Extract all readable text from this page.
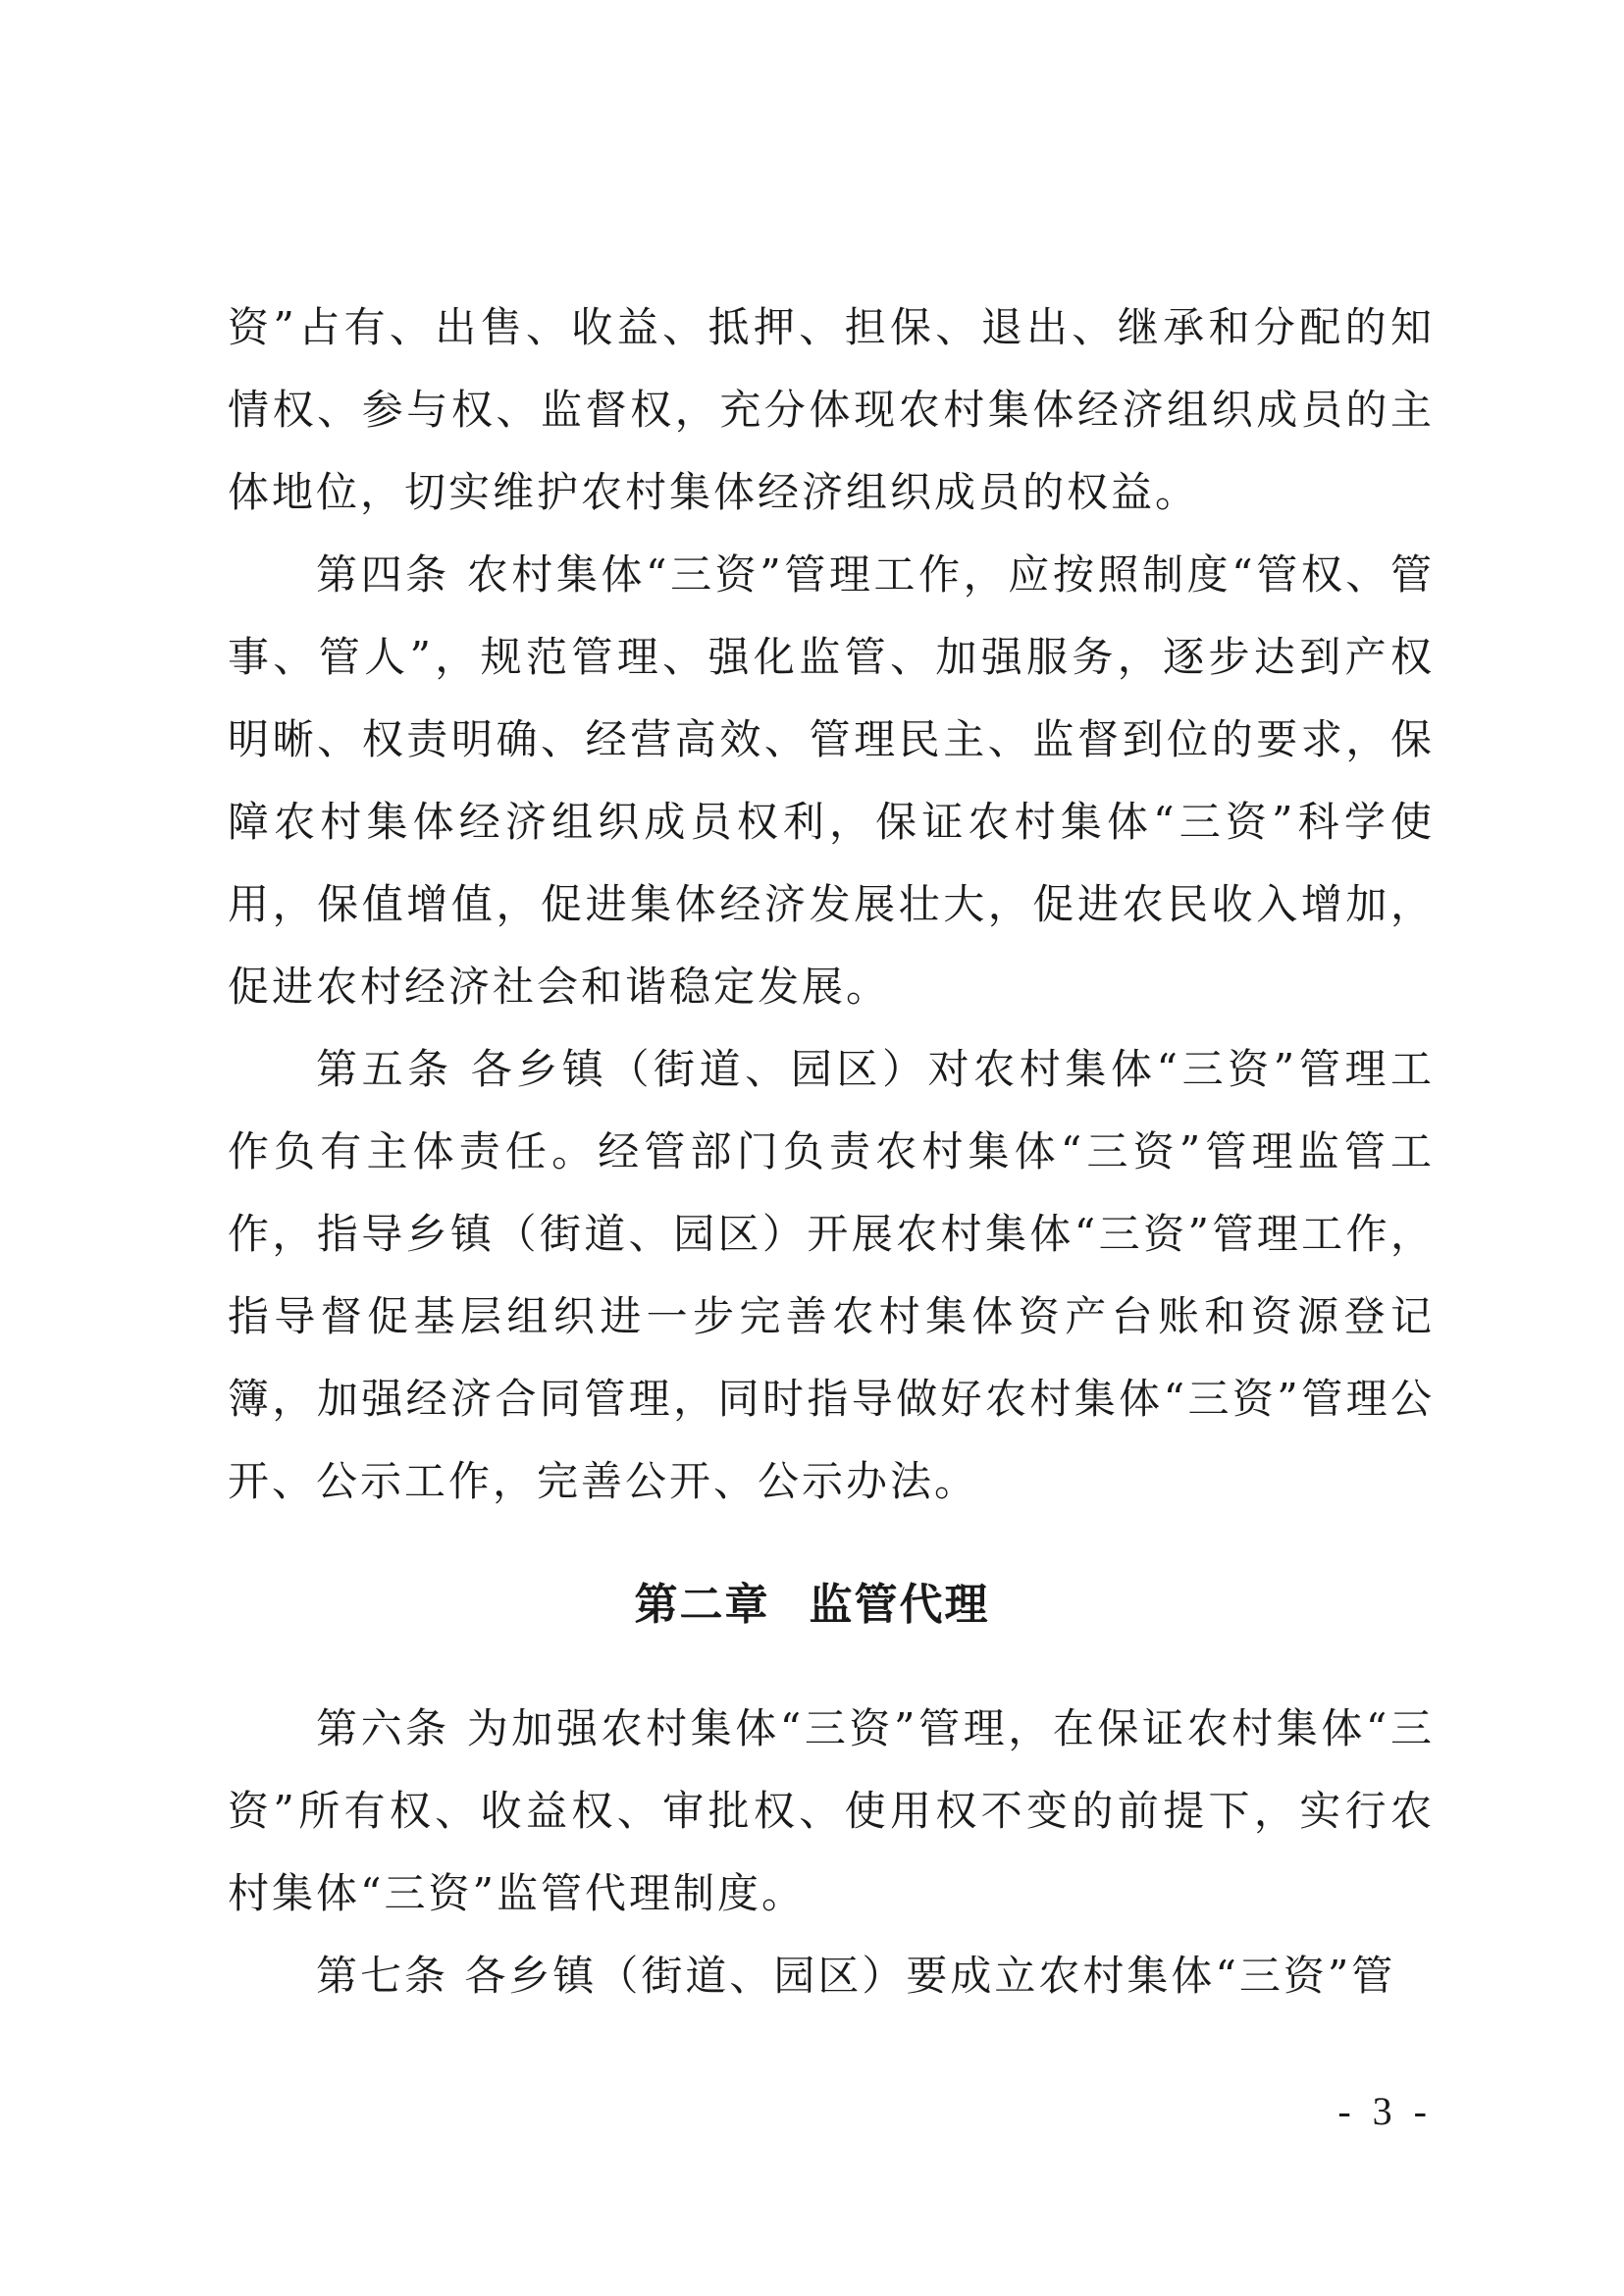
资”占有、出售、收益、抵押、担保、退出、继承和分配的知情权、参与权、监督权，充分体现农村集体经济组织成员的主体地位，切实维护农村集体经济组织成员的权益。

第四条 农村集体“三资”管理工作，应按照制度“管权、管事、管人”，规范管理、强化监管、加强服务，逐步达到产权明晰、权责明确、经营高效、管理民主、监督到位的要求，保障农村集体经济组织成员权利，保证农村集体“三资”科学使用，保值增值，促进集体经济发展壮大，促进农民收入增加，促进农村经济社会和谐稳定发展。

第五条 各乡镇（街道、园区）对农村集体“三资”管理工作负有主体责任。经管部门负责农村集体“三资”管理监管工作，指导乡镇（街道、园区）开展农村集体“三资”管理工作，指导督促基层组织进一步完善农村集体资产台账和资源登记簿，加强经济合同管理，同时指导做好农村集体“三资”管理公开、公示工作，完善公开、公示办法。

第二章 监管代理

第六条 为加强农村集体“三资”管理，在保证农村集体“三资”所有权、收益权、审批权、使用权不变的前提下，实行农村集体“三资”监管代理制度。

第七条 各乡镇（街道、园区）要成立农村集体“三资”管

- 3 -
